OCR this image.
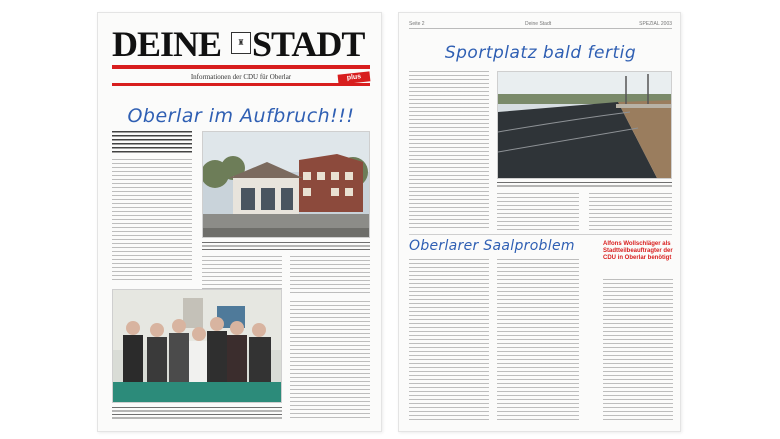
DEINE	♜ STADT
Informationen der CDU für Oberlar	plus
Oberlar im Aufbruch!!!
Seite 2	Deine Stadt	SPEZIAL 2003
Sportplatz bald fertig
Oberlarer Saalproblem	Alfons Wollschläger als Stadtteilbeauftragter der CDU in Oberlar benötigt
